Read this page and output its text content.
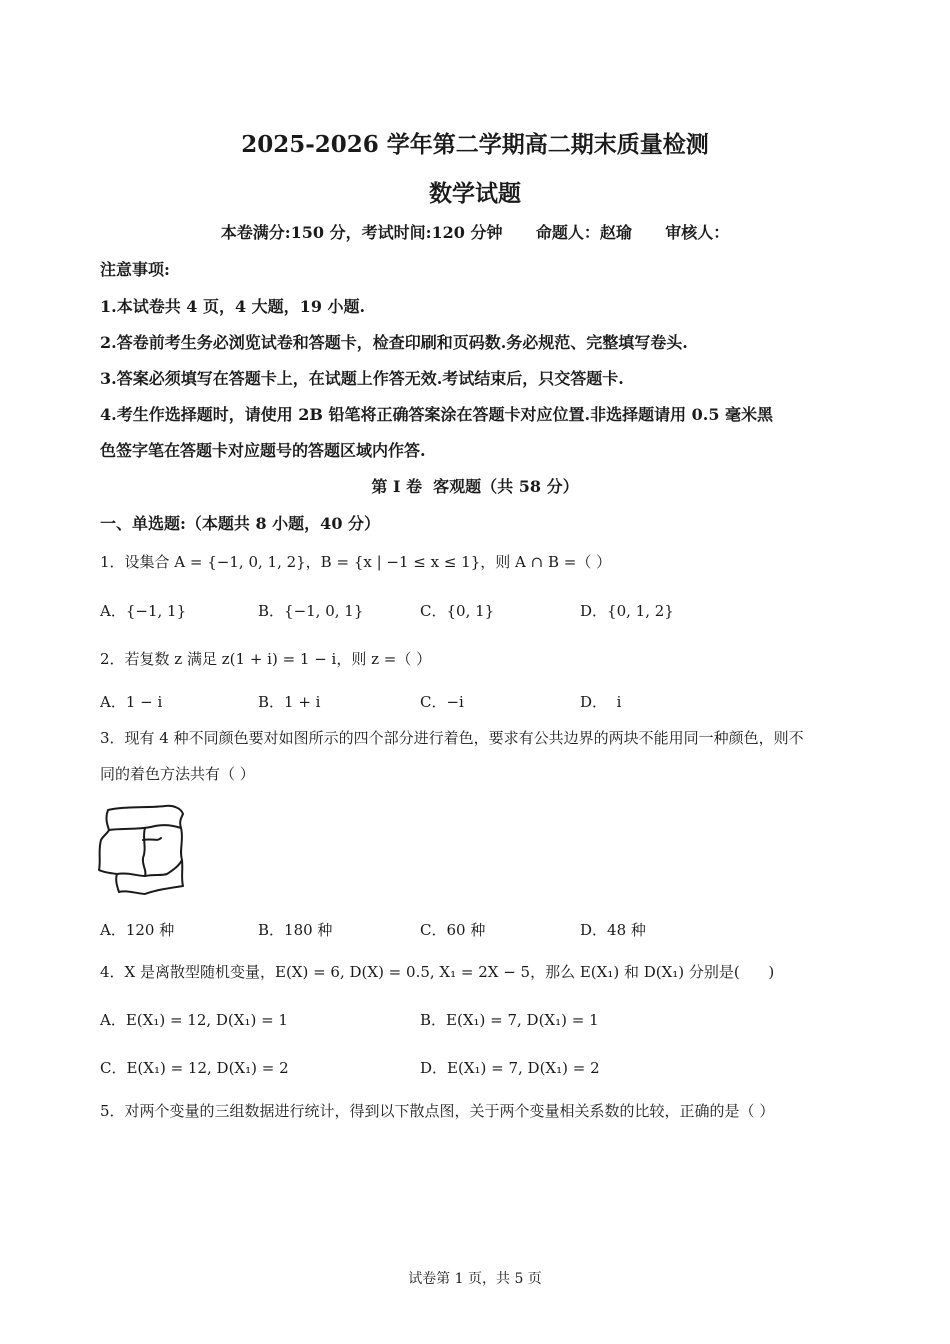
2025-2026 学年第二学期高二期末质量检测
数学试题
本卷满分:150 分，考试时间:120 分钟      命题人：赵瑜      审核人：
注意事项:
1.本试卷共 4 页，4 大题，19 小题.
2.答卷前考生务必浏览试卷和答题卡，检查印刷和页码数.务必规范、完整填写卷头.
3.答案必须填写在答题卡上，在试题上作答无效.考试结束后，只交答题卡.
4.考生作选择题时，请使用 2B 铅笔将正确答案涂在答题卡对应位置.非选择题请用 0.5 毫米黑
色签字笔在答题卡对应题号的答题区域内作答.
第 I 卷  客观题（共 58 分）
一、单选题:（本题共 8 小题，40 分）
1．设集合 A = {−1, 0, 1, 2}，B = {x | −1 ≤ x ≤ 1}，则 A ∩ B =（ ）
A．{−1, 1}	B．{−1, 0, 1}	C．{0, 1}	D．{0, 1, 2}
2．若复数 z 满足 z(1 + i) = 1 − i，则 z =（ ）
A．1 − i	B．1 + i	C．−i	D．  i
3．现有 4 种不同颜色要对如图所示的四个部分进行着色，要求有公共边界的两块不能用同一种颜色，则不
同的着色方法共有（ ）
A．120 种	B．180 种	C．60 种	D．48 种
4．X 是离散型随机变量，E(X) = 6, D(X) = 0.5, X₁ = 2X − 5，那么 E(X₁) 和 D(X₁) 分别是(      )
A．E(X₁) = 12, D(X₁) = 1	B．E(X₁) = 7, D(X₁) = 1
C．E(X₁) = 12, D(X₁) = 2	D．E(X₁) = 7, D(X₁) = 2
5．对两个变量的三组数据进行统计，得到以下散点图，关于两个变量相关系数的比较，正确的是（ ）
试卷第 1 页，共 5 页
